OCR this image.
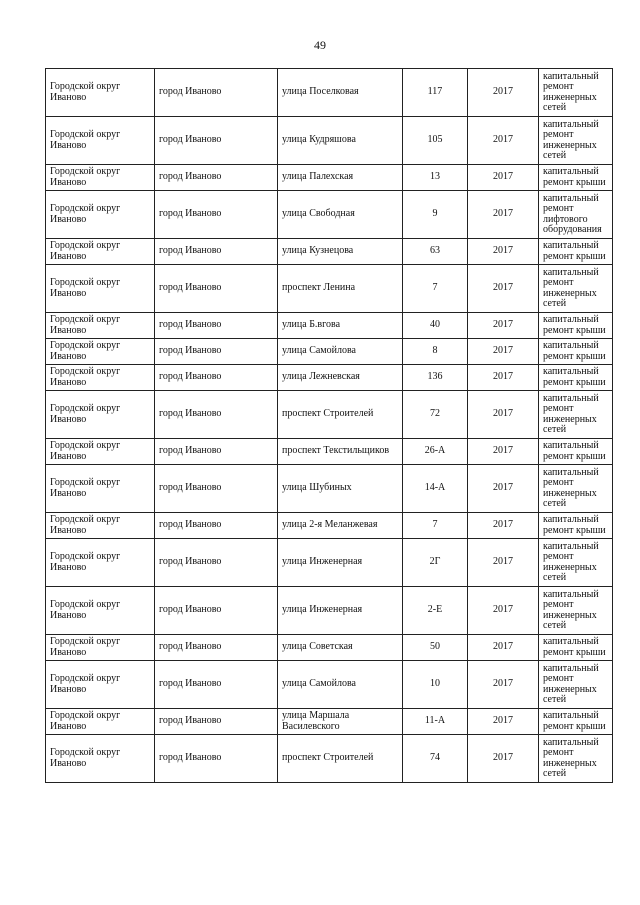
49
Городской округ Иваново	город Иваново	улица Поселковая	117	2017	капитальный ремонт инженерных сетей
Городской округ Иваново	город Иваново	улица Кудряшова	105	2017	капитальный ремонт инженерных сетей
Городской округ Иваново	город Иваново	улица Палехская	13	2017	капитальный ремонт крыши
Городской округ Иваново	город Иваново	улица Свободная	9	2017	капитальный ремонт лифтового оборудования
Городской округ Иваново	город Иваново	улица Кузнецова	63	2017	капитальный ремонт крыши
Городской округ Иваново	город Иваново	проспект Ленина	7	2017	капитальный ремонт инженерных сетей
Городской округ Иваново	город Иваново	улица Б.вгова	40	2017	капитальный ремонт крыши
Городской округ Иваново	город Иваново	улица Самойлова	8	2017	капитальный ремонт крыши
Городской округ Иваново	город Иваново	улица Лежневская	136	2017	капитальный ремонт крыши
Городской округ Иваново	город Иваново	проспект Строителей	72	2017	капитальный ремонт инженерных сетей
Городской округ Иваново	город Иваново	проспект Текстильщиков	26-А	2017	капитальный ремонт крыши
Городской округ Иваново	город Иваново	улица Шубиных	14-А	2017	капитальный ремонт инженерных сетей
Городской округ Иваново	город Иваново	улица 2-я Меланжевая	7	2017	капитальный ремонт крыши
Городской округ Иваново	город Иваново	улица Инженерная	2Г	2017	капитальный ремонт инженерных сетей
Городской округ Иваново	город Иваново	улица Инженерная	2-Е	2017	капитальный ремонт инженерных сетей
Городской округ Иваново	город Иваново	улица Советская	50	2017	капитальный ремонт крыши
Городской округ Иваново	город Иваново	улица Самойлова	10	2017	капитальный ремонт инженерных сетей
Городской округ Иваново	город Иваново	улица Маршала Василевского	11-А	2017	капитальный ремонт крыши
Городской округ Иваново	город Иваново	проспект Строителей	74	2017	капитальный ремонт инженерных сетей
